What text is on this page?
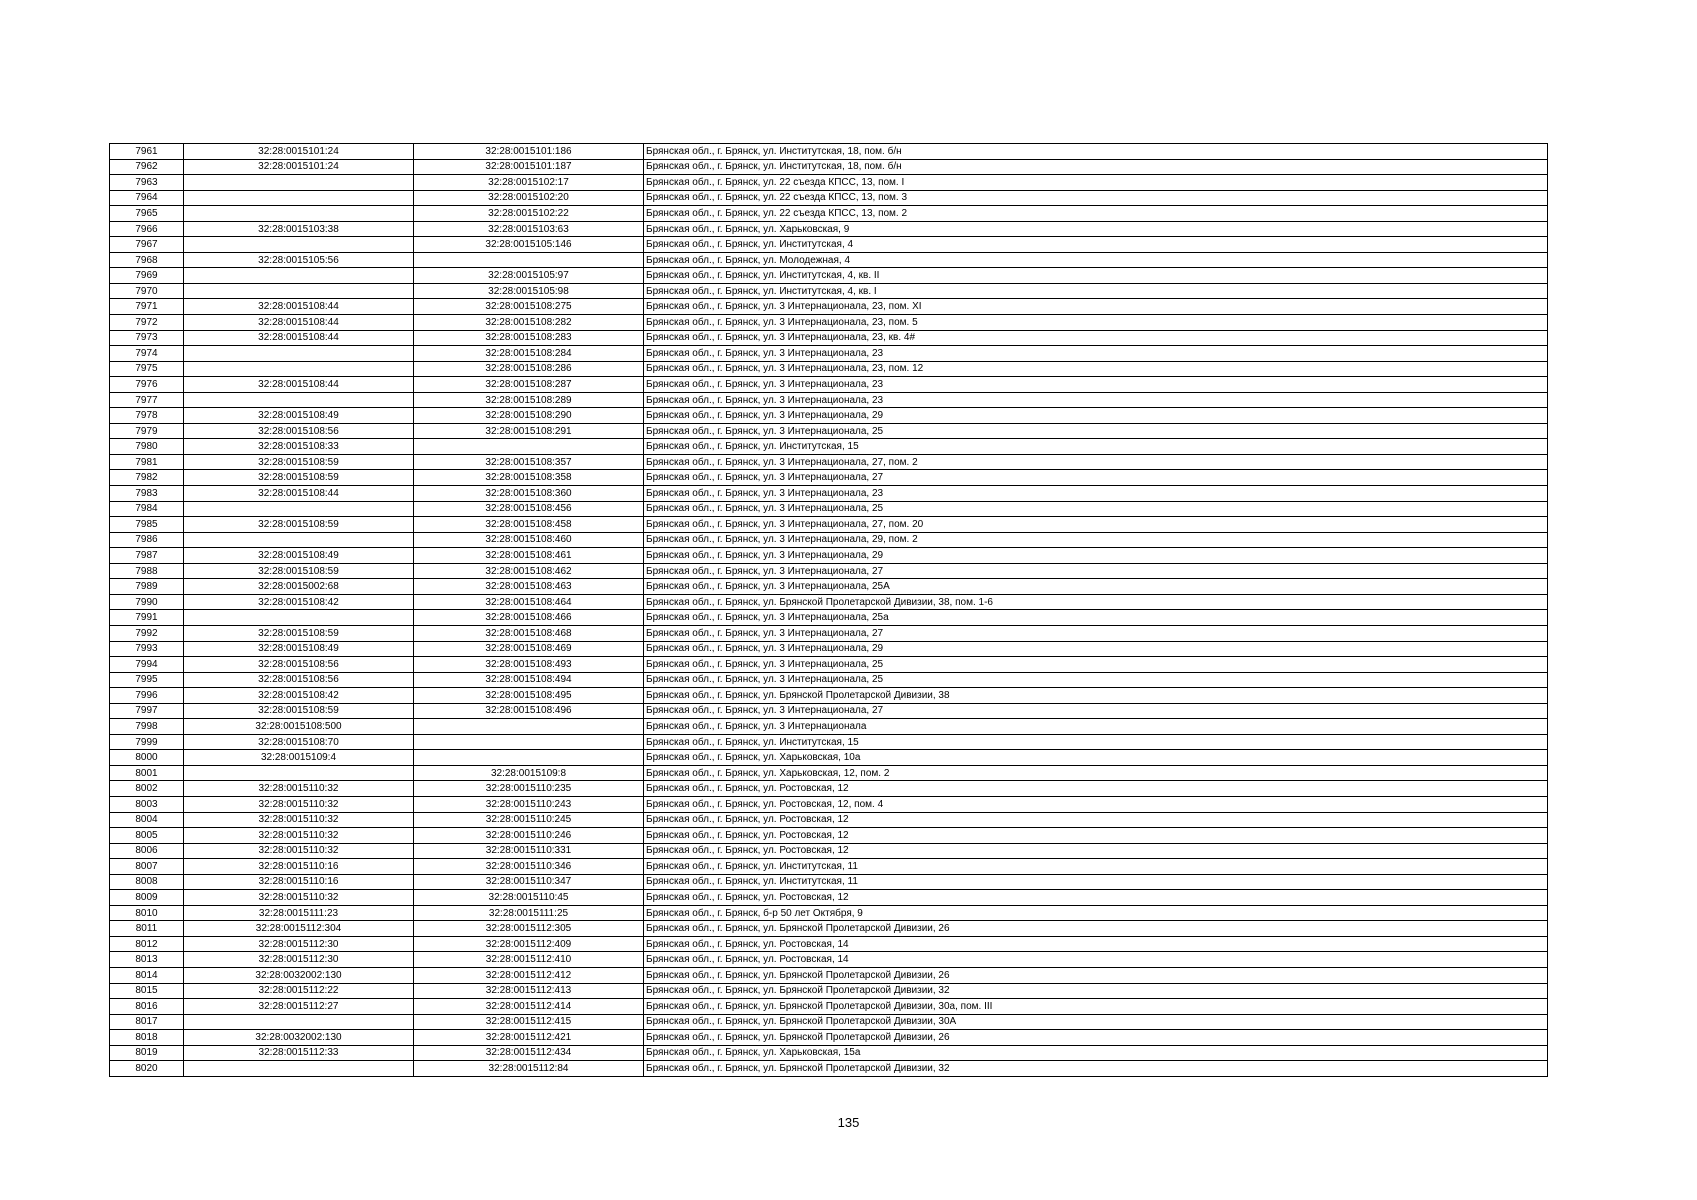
7961	32:28:0015101:24	32:28:0015101:186	Брянская обл., г. Брянск, ул. Институтская, 18, пом. б/н
7962	32:28:0015101:24	32:28:0015101:187	Брянская обл., г. Брянск, ул. Институтская, 18, пом. б/н
7963		32:28:0015102:17	Брянская обл., г. Брянск, ул. 22 съезда КПСС, 13, пом. I
7964		32:28:0015102:20	Брянская обл., г. Брянск, ул. 22 съезда КПСС, 13, пом. 3
7965		32:28:0015102:22	Брянская обл., г. Брянск, ул. 22 съезда КПСС, 13, пом. 2
7966	32:28:0015103:38	32:28:0015103:63	Брянская обл., г. Брянск, ул. Харьковская, 9
7967		32:28:0015105:146	Брянская обл., г. Брянск, ул. Институтская, 4
7968	32:28:0015105:56		Брянская обл., г. Брянск, ул. Молодежная, 4
7969		32:28:0015105:97	Брянская обл., г. Брянск, ул. Институтская, 4, кв. II
7970		32:28:0015105:98	Брянская обл., г. Брянск, ул. Институтская, 4, кв. I
7971	32:28:0015108:44	32:28:0015108:275	Брянская обл., г. Брянск, ул. 3 Интернационала, 23, пом. XI
7972	32:28:0015108:44	32:28:0015108:282	Брянская обл., г. Брянск, ул. 3 Интернационала, 23, пом. 5
7973	32:28:0015108:44	32:28:0015108:283	Брянская обл., г. Брянск, ул. 3 Интернационала, 23, кв. 4#
7974		32:28:0015108:284	Брянская обл., г. Брянск, ул. 3 Интернационала, 23
7975		32:28:0015108:286	Брянская обл., г. Брянск, ул. 3 Интернационала, 23, пом. 12
7976	32:28:0015108:44	32:28:0015108:287	Брянская обл., г. Брянск, ул. 3 Интернационала, 23
7977		32:28:0015108:289	Брянская обл., г. Брянск, ул. 3 Интернационала, 23
7978	32:28:0015108:49	32:28:0015108:290	Брянская обл., г. Брянск, ул. 3 Интернационала, 29
7979	32:28:0015108:56	32:28:0015108:291	Брянская обл., г. Брянск, ул. 3 Интернационала, 25
7980	32:28:0015108:33		Брянская обл., г. Брянск, ул. Институтская, 15
7981	32:28:0015108:59	32:28:0015108:357	Брянская обл., г. Брянск, ул. 3 Интернационала, 27, пом. 2
7982	32:28:0015108:59	32:28:0015108:358	Брянская обл., г. Брянск, ул. 3 Интернационала, 27
7983	32:28:0015108:44	32:28:0015108:360	Брянская обл., г. Брянск, ул. 3 Интернационала, 23
7984		32:28:0015108:456	Брянская обл., г. Брянск, ул. 3 Интернационала, 25
7985	32:28:0015108:59	32:28:0015108:458	Брянская обл., г. Брянск, ул. 3 Интернационала, 27, пом. 20
7986		32:28:0015108:460	Брянская обл., г. Брянск, ул. 3 Интернационала, 29, пом. 2
7987	32:28:0015108:49	32:28:0015108:461	Брянская обл., г. Брянск, ул. 3 Интернационала, 29
7988	32:28:0015108:59	32:28:0015108:462	Брянская обл., г. Брянск, ул. 3 Интернационала, 27
7989	32:28:0015002:68	32:28:0015108:463	Брянская обл., г. Брянск, ул. 3 Интернационала, 25А
7990	32:28:0015108:42	32:28:0015108:464	Брянская обл., г. Брянск, ул. Брянской Пролетарской Дивизии, 38, пом. 1-6
7991		32:28:0015108:466	Брянская обл., г. Брянск, ул. 3 Интернационала, 25а
7992	32:28:0015108:59	32:28:0015108:468	Брянская обл., г. Брянск, ул. 3 Интернационала, 27
7993	32:28:0015108:49	32:28:0015108:469	Брянская обл., г. Брянск, ул. 3 Интернационала, 29
7994	32:28:0015108:56	32:28:0015108:493	Брянская обл., г. Брянск, ул. 3 Интернационала, 25
7995	32:28:0015108:56	32:28:0015108:494	Брянская обл., г. Брянск, ул. 3 Интернационала, 25
7996	32:28:0015108:42	32:28:0015108:495	Брянская обл., г. Брянск, ул. Брянской Пролетарской Дивизии, 38
7997	32:28:0015108:59	32:28:0015108:496	Брянская обл., г. Брянск, ул. 3 Интернационала, 27
7998	32:28:0015108:500		Брянская обл., г. Брянск, ул. 3 Интернационала
7999	32:28:0015108:70		Брянская обл., г. Брянск, ул. Институтская, 15
8000	32:28:0015109:4		Брянская обл., г. Брянск, ул. Харьковская, 10а
8001		32:28:0015109:8	Брянская обл., г. Брянск, ул. Харьковская, 12, пом. 2
8002	32:28:0015110:32	32:28:0015110:235	Брянская обл., г. Брянск, ул. Ростовская, 12
8003	32:28:0015110:32	32:28:0015110:243	Брянская обл., г. Брянск, ул. Ростовская, 12, пом. 4
8004	32:28:0015110:32	32:28:0015110:245	Брянская обл., г. Брянск, ул. Ростовская, 12
8005	32:28:0015110:32	32:28:0015110:246	Брянская обл., г. Брянск, ул. Ростовская, 12
8006	32:28:0015110:32	32:28:0015110:331	Брянская обл., г. Брянск, ул. Ростовская, 12
8007	32:28:0015110:16	32:28:0015110:346	Брянская обл., г. Брянск, ул. Институтская, 11
8008	32:28:0015110:16	32:28:0015110:347	Брянская обл., г. Брянск, ул. Институтская, 11
8009	32:28:0015110:32	32:28:0015110:45	Брянская обл., г. Брянск, ул. Ростовская, 12
8010	32:28:0015111:23	32:28:0015111:25	Брянская обл., г. Брянск, б-р 50 лет Октября, 9
8011	32:28:0015112:304	32:28:0015112:305	Брянская обл., г. Брянск, ул. Брянской Пролетарской Дивизии, 26
8012	32:28:0015112:30	32:28:0015112:409	Брянская обл., г. Брянск, ул. Ростовская, 14
8013	32:28:0015112:30	32:28:0015112:410	Брянская обл., г. Брянск, ул. Ростовская, 14
8014	32:28:0032002:130	32:28:0015112:412	Брянская обл., г. Брянск, ул. Брянской Пролетарской Дивизии, 26
8015	32:28:0015112:22	32:28:0015112:413	Брянская обл., г. Брянск, ул. Брянской Пролетарской Дивизии, 32
8016	32:28:0015112:27	32:28:0015112:414	Брянская обл., г. Брянск, ул. Брянской Пролетарской Дивизии, 30а, пом. III
8017		32:28:0015112:415	Брянская обл., г. Брянск, ул. Брянской Пролетарской Дивизии, 30А
8018	32:28:0032002:130	32:28:0015112:421	Брянская обл., г. Брянск, ул. Брянской Пролетарской Дивизии, 26
8019	32:28:0015112:33	32:28:0015112:434	Брянская обл., г. Брянск, ул. Харьковская, 15а
8020		32:28:0015112:84	Брянская обл., г. Брянск, ул. Брянской Пролетарской Дивизии, 32
135
